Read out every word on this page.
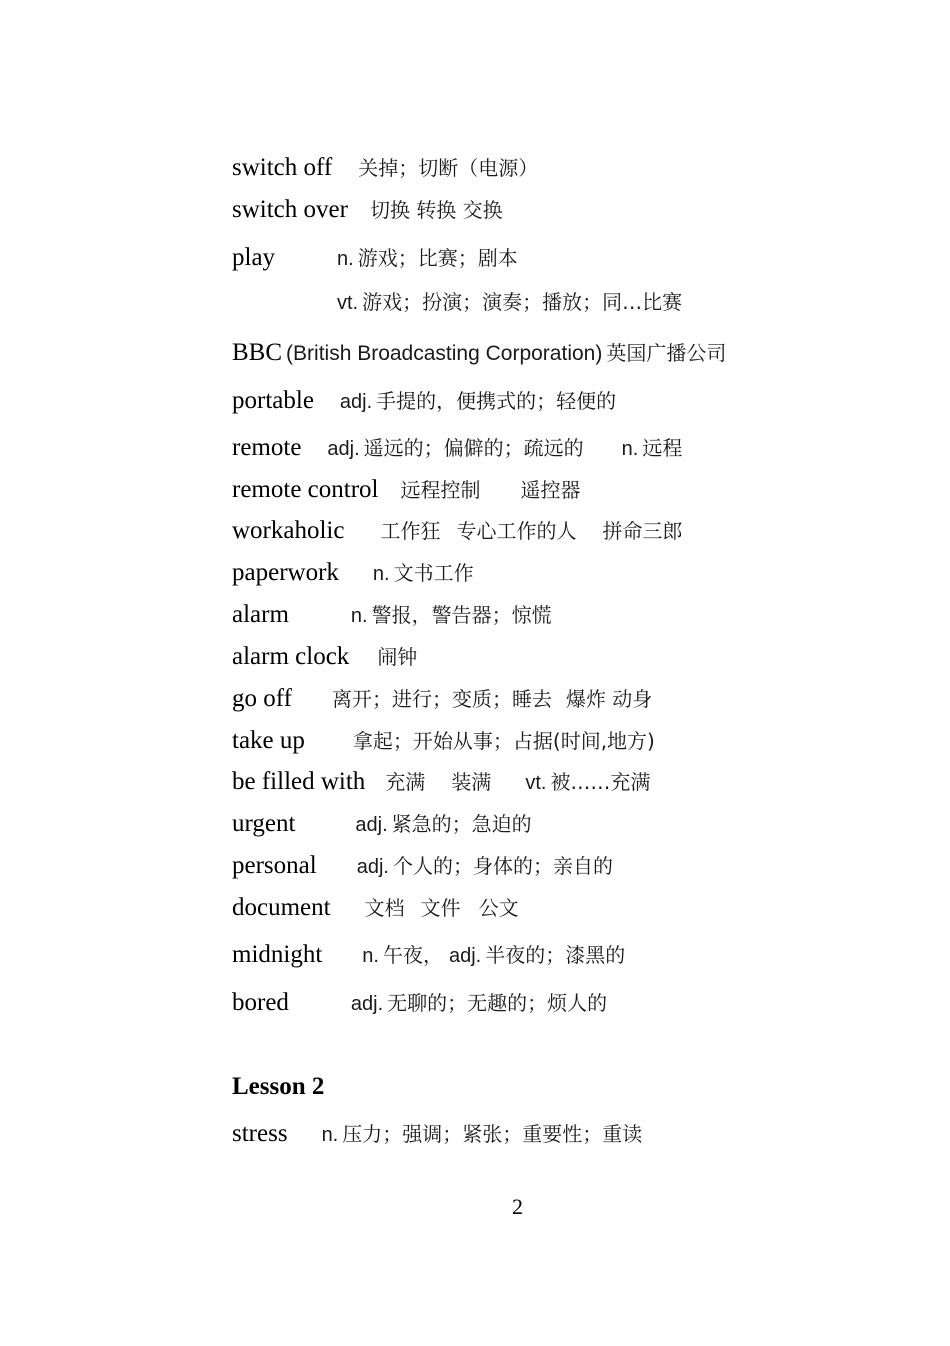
switch off 关掉；切断（电源）
switch over 切换 转换 交换
play	n. 游戏；比赛；剧本
vt. 游戏；扮演；演奏；播放；同…比赛
BBC (British Broadcasting Corporation) 英国广播公司
portable adj. 手提的，便携式的；轻便的
remote adj. 遥远的；偏僻的；疏远的 n. 远程
remote control 远程控制 遥控器
workaholic 工作狂 专心工作的人 拼命三郎
paperwork n. 文书工作
alarm	n. 警报，警告器；惊慌
alarm clock 闹钟
go off 离开；进行；变质；睡去 爆炸 动身
take up 拿起；开始从事；占据(时间,地方)
be filled with 充满 装满 vt. 被……充满
urgent	adj. 紧急的；急迫的
personal adj. 个人的；身体的；亲自的
document 文档 文件 公文
midnight n. 午夜， adj. 半夜的；漆黑的
bored	adj. 无聊的；无趣的；烦人的
Lesson 2
stress n. 压力；强调；紧张；重要性；重读
2
